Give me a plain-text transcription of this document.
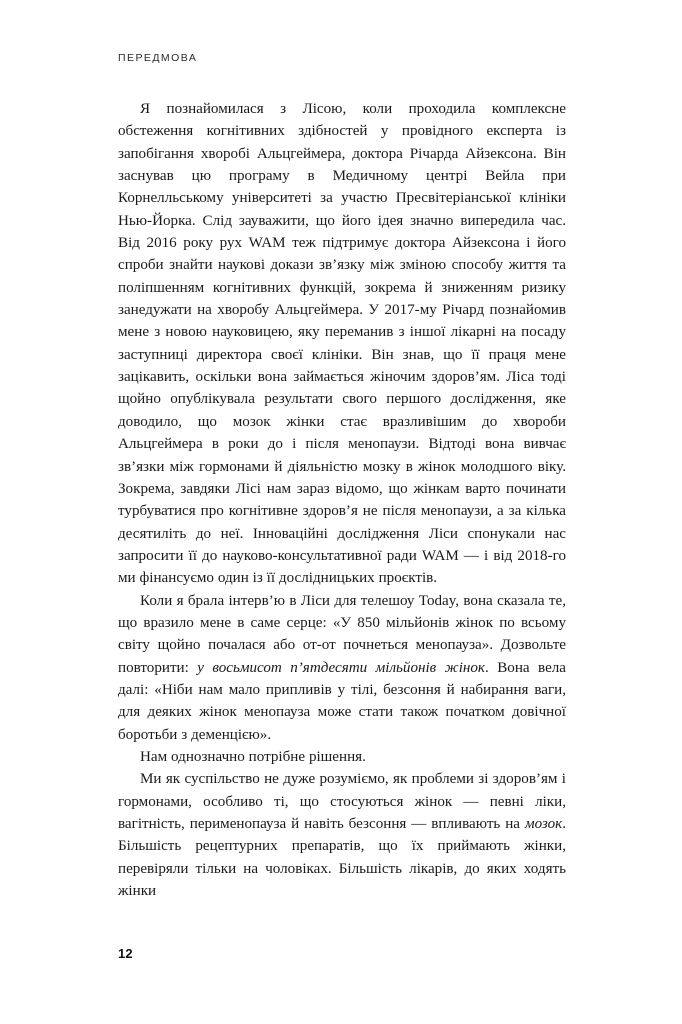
ПЕРЕДМОВА

Я познайомилася з Лісою, коли проходила комплексне обстеження когнітивних здібностей у провідного експерта із запобігання хворобі Альцгеймера, доктора Річарда Айзексона. Він заснував цю програму в Медичному центрі Вейла при Корнелльському університеті за участю Пресвітеріанської клініки Нью-Йорка. Слід зауважити, що його ідея значно випередила час. Від 2016 року рух WAM теж підтримує доктора Айзексона і його спроби знайти наукові докази зв’язку між зміною способу життя та поліпшенням когнітивних функцій, зокрема й зниженням ризику занедужати на хворобу Альцгеймера. У 2017-му Річард познайомив мене з новою науковицею, яку переманив з іншої лікарні на посаду заступниці директора своєї клініки. Він знав, що її праця мене зацікавить, оскільки вона займається жіночим здоров’ям. Ліса тоді щойно опублікувала результати свого першого дослідження, яке доводило, що мозок жінки стає вразливішим до хвороби Альцгеймера в роки до і після менопаузи. Відтоді вона вивчає зв’язки між гормонами й діяльністю мозку в жінок молодшого віку. Зокрема, завдяки Лісі нам зараз відомо, що жінкам варто починати турбуватися про когнітивне здоров’я не після менопаузи, а за кілька десятиліть до неї. Інноваційні дослідження Ліси спонукали нас запросити її до науково-консультативної ради WAM — і від 2018-го ми фінансуємо один із її дослідницьких проєктів.

Коли я брала інтерв’ю в Ліси для телешоу Today, вона сказала те, що вразило мене в саме серце: «У 850 мільйонів жінок по всьому світу щойно почалася або от-от почнеться менопауза». Дозвольте повторити: у восьмисот п’ятдесяти мільйонів жінок. Вона вела далі: «Ніби нам мало припливів у тілі, безсоння й набирання ваги, для деяких жінок менопауза може стати також початком довічної боротьби з деменцією».

Нам однозначно потрібне рішення.

Ми як суспільство не дуже розуміємо, як проблеми зі здоров’ям і гормонами, особливо ті, що стосуються жінок — певні ліки, вагітність, перименопауза й навіть безсоння — впливають на мозок. Більшість рецептурних препаратів, що їх приймають жінки, перевіряли тільки на чоловіках. Більшість лікарів, до яких ходять жінки

12
